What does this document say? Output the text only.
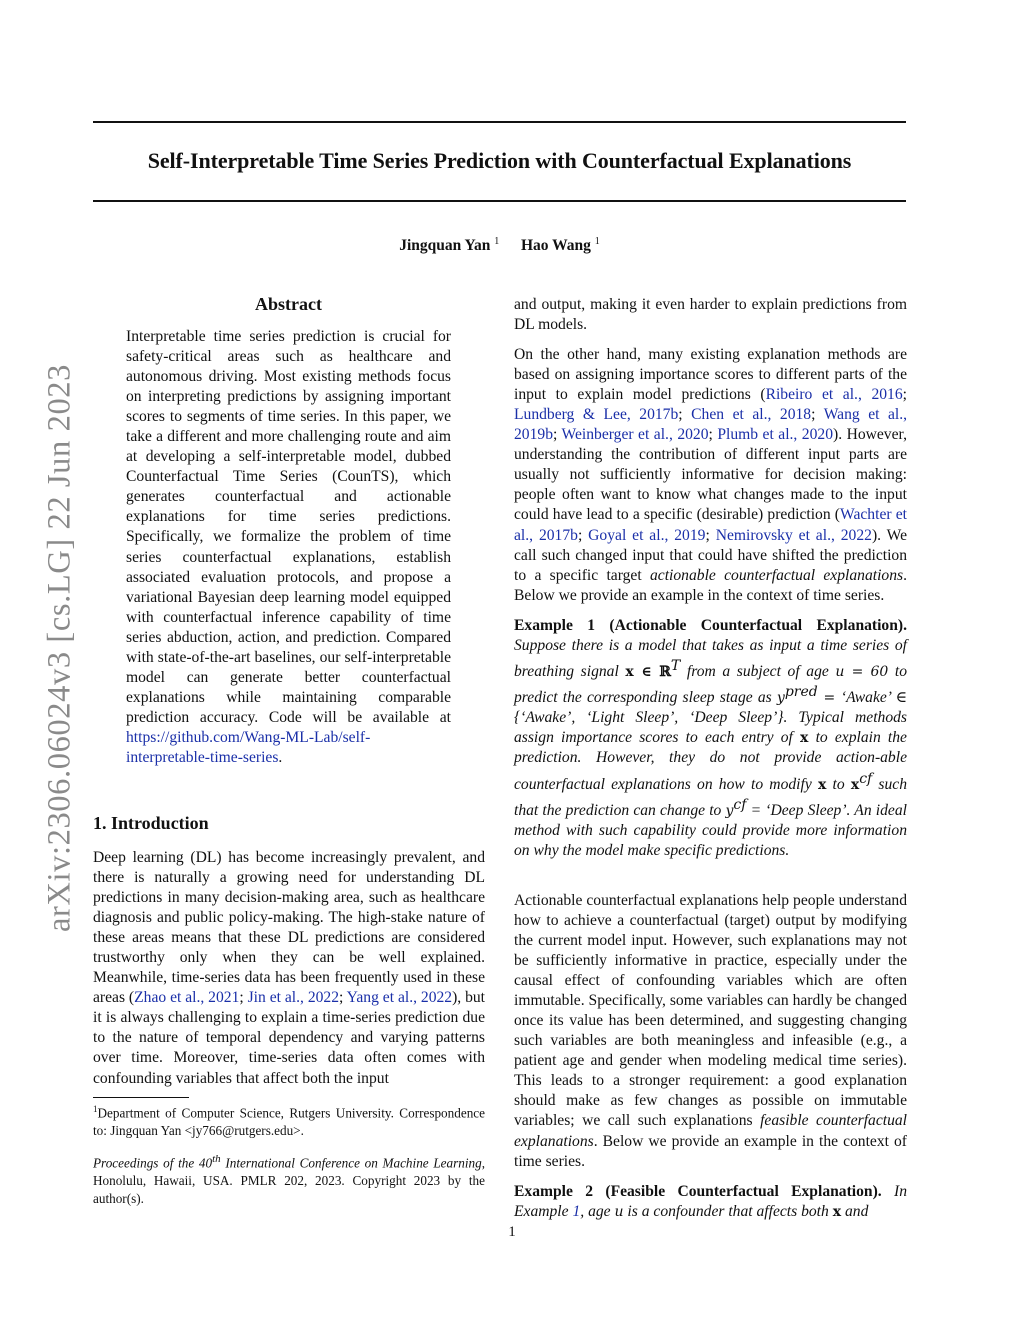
Self-Interpretable Time Series Prediction with Counterfactual Explanations
Jingquan Yan $^1$ Hao Wang $^1$
arXiv:2306.06024v3 [cs.LG] 22 Jun 2023

Abstract

Interpretable time series prediction is crucial for safety-critical areas such as healthcare and autonomous driving. Most existing methods focus on interpreting predictions by assigning important scores to segments of time series. In this paper, we take a different and more challenging route and aim at developing a self-interpretable model, dubbed Counterfactual Time Series (CounTS), which generates counterfactual and actionable explanations for time series predictions. Specifically, we formalize the problem of time series counterfactual explanations, establish associated evaluation protocols, and propose a variational Bayesian deep learning model equipped with counterfactual inference capability of time series abduction, action, and prediction. Compared with state-of-the-art baselines, our self-interpretable model can generate better counterfactual explanations while maintaining comparable prediction accuracy. Code will be available at https://github.com/Wang-ML-Lab/self-interpretable-time-series.

1. Introduction

Deep learning (DL) has become increasingly prevalent, and there is naturally a growing need for understanding DL predictions in many decision-making area, such as healthcare diagnosis and public policy-making. The high-stake nature of these areas means that these DL predictions are considered trustworthy only when they can be well explained. Meanwhile, time-series data has been frequently used in these areas (Zhao et al., 2021; Jin et al., 2022; Yang et al., 2022), but it is always challenging to explain a time-series prediction due to the nature of temporal dependency and varying patterns over time. Moreover, time-series data often comes with confounding variables that affect both the input

$^1$Department of Computer Science, Rutgers University. Correspondence to: Jingquan Yan <jy766@rutgers.edu>.
Proceedings of the 40th International Conference on Machine Learning, Honolulu, Hawaii, USA. PMLR 202, 2023. Copyright 2023 by the author(s).

and output, making it even harder to explain predictions from DL models.

On the other hand, many existing explanation methods are based on assigning importance scores to different parts of the input to explain model predictions (Ribeiro et al., 2016; Lundberg & Lee, 2017b; Chen et al., 2018; Wang et al., 2019b; Weinberger et al., 2020; Plumb et al., 2020). However, understanding the contribution of different input parts are usually not sufficiently informative for decision making: people often want to know what changes made to the input could have lead to a specific (desirable) prediction (Wachter et al., 2017b; Goyal et al., 2019; Nemirovsky et al., 2022). We call such changed input that could have shifted the prediction to a specific target actionable counterfactual explanations. Below we provide an example in the context of time series.

Example 1 (Actionable Counterfactual Explanation). Suppose there is a model that takes as input a time series of breathing signal x ∈ ℝ$^T$ from a subject of age u = 60 to predict the corresponding sleep stage as $y^{pred}$ = ‘Awake’ ∈ {‘Awake’, ‘Light Sleep’, ‘Deep Sleep’}. Typical methods assign importance scores to each entry of x to explain the prediction. However, they do not provide action-able counterfactual explanations on how to modify x to $x^{cf}$ such that the prediction can change to $y^{cf}$ = ‘Deep Sleep’. An ideal method with such capability could provide more information on why the model make specific predictions.

Actionable counterfactual explanations help people understand how to achieve a counterfactual (target) output by modifying the current model input. However, such explanations may not be sufficiently informative in practice, especially under the causal effect of confounding variables which are often immutable. Specifically, some variables can hardly be changed once its value has been determined, and suggesting changing such variables are both meaningless and infeasible (e.g., a patient age and gender when modeling medical time series). This leads to a stronger requirement: a good explanation should make as few changes as possible on immutable variables; we call such explanations feasible counterfactual explanations. Below we provide an example in the context of time series.

Example 2 (Feasible Counterfactual Explanation). In Example 1, age u is a confounder that affects both x and

1
